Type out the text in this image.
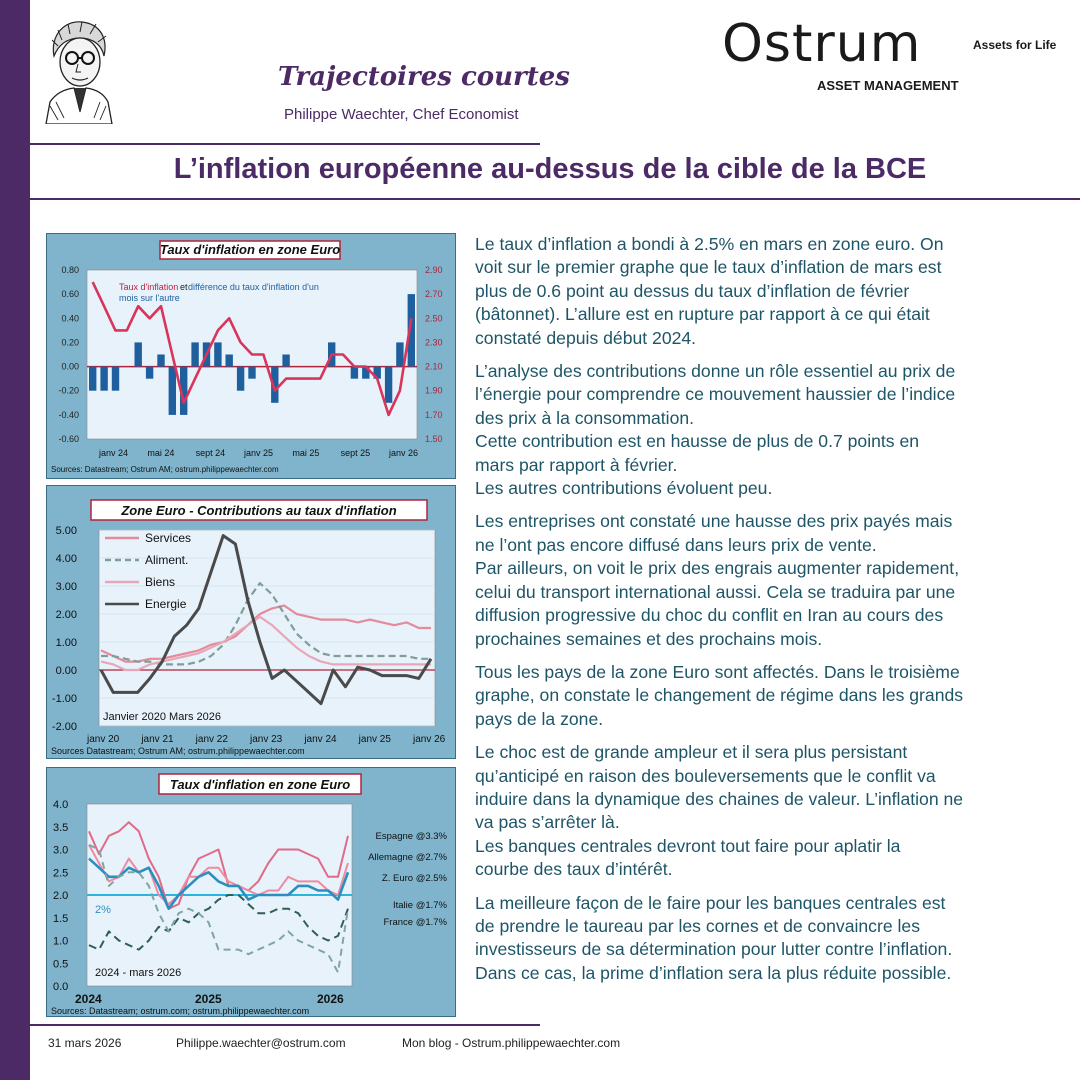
Trajectoires courtes
Philippe Waechter, Chef Economist
Ostrum
ASSET MANAGEMENT
Assets for Life
L’inflation européenne au-dessus de la cible de la BCE
Taux d'inflation en zone Euro
0.80	2.90
0.60	2.70
0.40	2.50
0.20	2.30
0.00	2.10
-0.20	1.90
-0.40	1.70
-0.60	1.50
Taux d'inflation différence du taux d'inflation d'un
et
mois sur l'autre
janv 24 mai 24 sept 24 janv 25 mai 25 sept 25 janv 26
Sources: Datastream; Ostrum AM; ostrum.philippewaechter.com
5.00
4.00
3.00
2.00
1.00
0.00
-1.00
-2.00
Zone Euro - Contributions au taux d'inflation
Services
Aliment.
Biens
Energie
Janvier 2020 Mars 2026
janv 20 janv 21 janv 22 janv 23 janv 24 janv 25 janv 26
Sources Datastream; Ostrum AM; ostrum.philippewaechter.com
4.0
3.5
3.0
2.5
2.0
1.5
1.0
0.5
0.0
2%
Taux d'inflation en zone Euro
Espagne @3.3%
Allemagne @2.7%
Z. Euro @2.5%
Italie @1.7%
France @1.7%
2024 - mars 2026
2024	2025	2026
Sources: Datastream; ostrum.com; ostrum.philippewaechter.com

Le taux d’inflation a bondi à 2.5% en mars en zone euro. On
voit sur le premier graphe que le taux d’inflation de mars est
plus de 0.6 point au dessus du taux d’inflation de février
(bâtonnet). L’allure est en rupture par rapport à ce qui était
constaté depuis début 2024.

L’analyse des contributions donne un rôle essentiel au prix de
l’énergie pour comprendre ce mouvement haussier de l’indice
des prix à la consommation.
Cette contribution est en hausse de plus de 0.7 points en
mars par rapport à février.
Les autres contributions évoluent peu.

Les entreprises ont constaté une hausse des prix payés mais
ne l’ont pas encore diffusé dans leurs prix de vente.
Par ailleurs, on voit le prix des engrais augmenter rapidement,
celui du transport international aussi. Cela se traduira par une
diffusion progressive du choc du conflit en Iran au cours des
prochaines semaines et des prochains mois.

Tous les pays de la zone Euro sont affectés. Dans le troisième
graphe, on constate le changement de régime dans les grands
pays de la zone.

Le choc est de grande ampleur et il sera plus persistant
qu’anticipé en raison des bouleversements que le conflit va
induire dans la dynamique des chaines de valeur. L’inflation ne
va pas s’arrêter là.
Les banques centrales devront tout faire pour aplatir la
courbe des taux d’intérêt.

La meilleure façon de le faire pour les banques centrales est
de prendre le taureau par les cornes et de convaincre les
investisseurs de sa détermination pour lutter contre l’inflation.
Dans ce cas, la prime d’inflation sera la plus réduite possible.

31 mars 2026	Philippe.waechter@ostrum.com	Mon blog - Ostrum.philippewaechter.com
